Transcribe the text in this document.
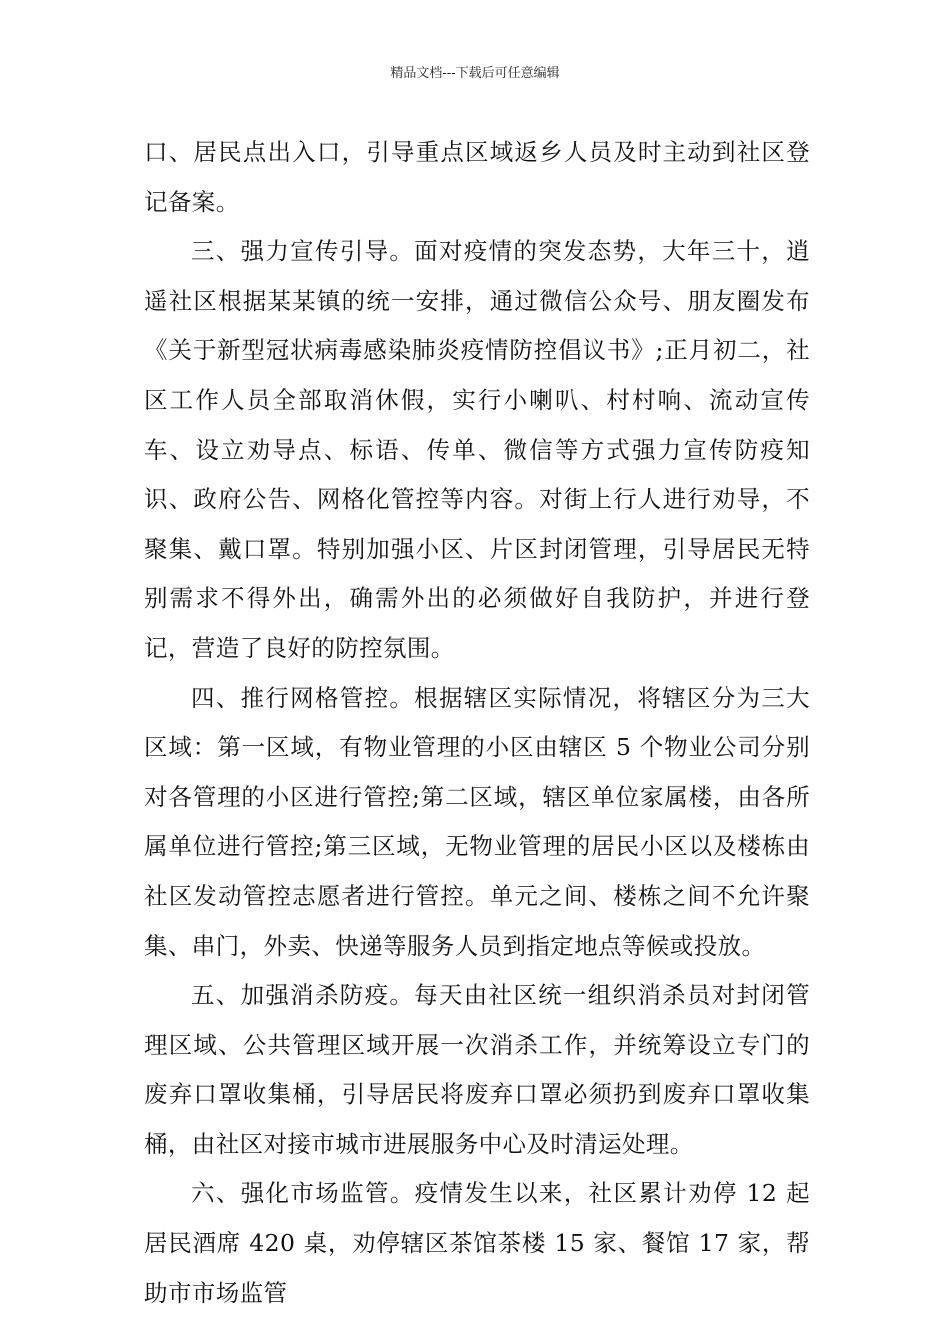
精品文档---下载后可任意编辑

口、居民点出入口，引导重点区域返乡人员及时主动到社区登记备案。

三、强力宣传引导。面对疫情的突发态势，大年三十，逍遥社区根据某某镇的统一安排，通过微信公众号、朋友圈发布《关于新型冠状病毒感染肺炎疫情防控倡议书》;正月初二，社区工作人员全部取消休假，实行小喇叭、村村响、流动宣传车、设立劝导点、标语、传单、微信等方式强力宣传防疫知识、政府公告、网格化管控等内容。对街上行人进行劝导，不聚集、戴口罩。特别加强小区、片区封闭管理，引导居民无特别需求不得外出，确需外出的必须做好自我防护，并进行登记，营造了良好的防控氛围。

四、推行网格管控。根据辖区实际情况，将辖区分为三大区域：第一区域，有物业管理的小区由辖区 5 个物业公司分别对各管理的小区进行管控;第二区域，辖区单位家属楼，由各所属单位进行管控;第三区域，无物业管理的居民小区以及楼栋由社区发动管控志愿者进行管控。单元之间、楼栋之间不允许聚集、串门，外卖、快递等服务人员到指定地点等候或投放。

五、加强消杀防疫。每天由社区统一组织消杀员对封闭管理区域、公共管理区域开展一次消杀工作，并统筹设立专门的废弃口罩收集桶，引导居民将废弃口罩必须扔到废弃口罩收集桶，由社区对接市城市进展服务中心及时清运处理。

六、强化市场监管。疫情发生以来，社区累计劝停 12 起居民酒席 420 桌，劝停辖区茶馆茶楼 15 家、餐馆 17 家，帮助市市场监管
